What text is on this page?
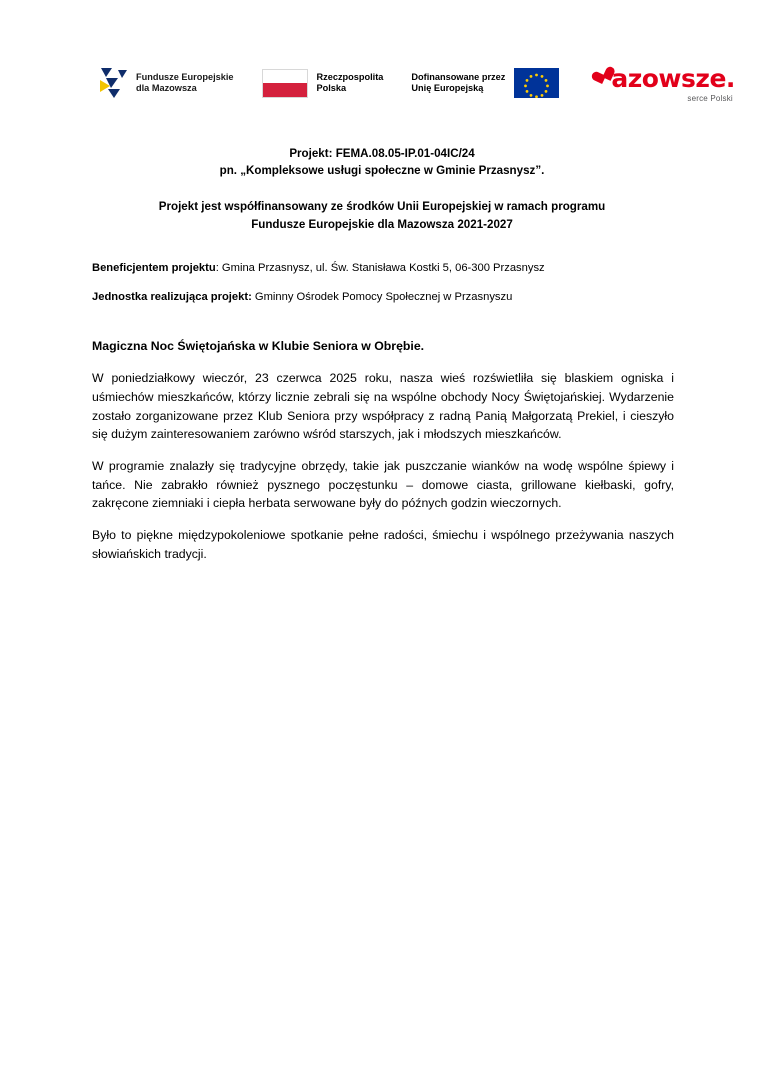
Fundusze Europejskie
dla Mazowsza
Rzeczpospolita
Polska
Dofinansowane przez
Unię Europejską	azowsze.
serce Polski
Projekt: FEMA.08.05-IP.01-04IC/24
pn. „Kompleksowe usługi społeczne w Gminie Przasnysz”.
Projekt jest współfinansowany ze środków Unii Europejskiej w ramach programu
Fundusze Europejskie dla Mazowsza 2021-2027
Beneficjentem projektu: Gmina Przasnysz, ul. Św. Stanisława Kostki 5, 06-300 Przasnysz
Jednostka realizująca projekt: Gminny Ośrodek Pomocy Społecznej w Przasnyszu
Magiczna Noc Świętojańska w Klubie Seniora w Obrębie.

W poniedziałkowy wieczór, 23 czerwca 2025 roku, nasza wieś rozświetliła się blaskiem ogniska i uśmiechów mieszkańców, którzy licznie zebrali się na wspólne obchody Nocy Świętojańskiej. Wydarzenie zostało zorganizowane przez Klub Seniora przy współpracy z radną Panią Małgorzatą Prekiel, i cieszyło się dużym zainteresowaniem zarówno wśród starszych, jak i młodszych mieszkańców.

W programie znalazły się tradycyjne obrzędy, takie jak puszczanie wianków na wodę wspólne śpiewy i tańce. Nie zabrakło również pysznego poczęstunku – domowe ciasta, grillowane kiełbaski, gofry, zakręcone ziemniaki i ciepła herbata serwowane były do późnych godzin wieczornych.

Było to piękne międzypokoleniowe spotkanie pełne radości, śmiechu i wspólnego przeżywania naszych słowiańskich tradycji.
